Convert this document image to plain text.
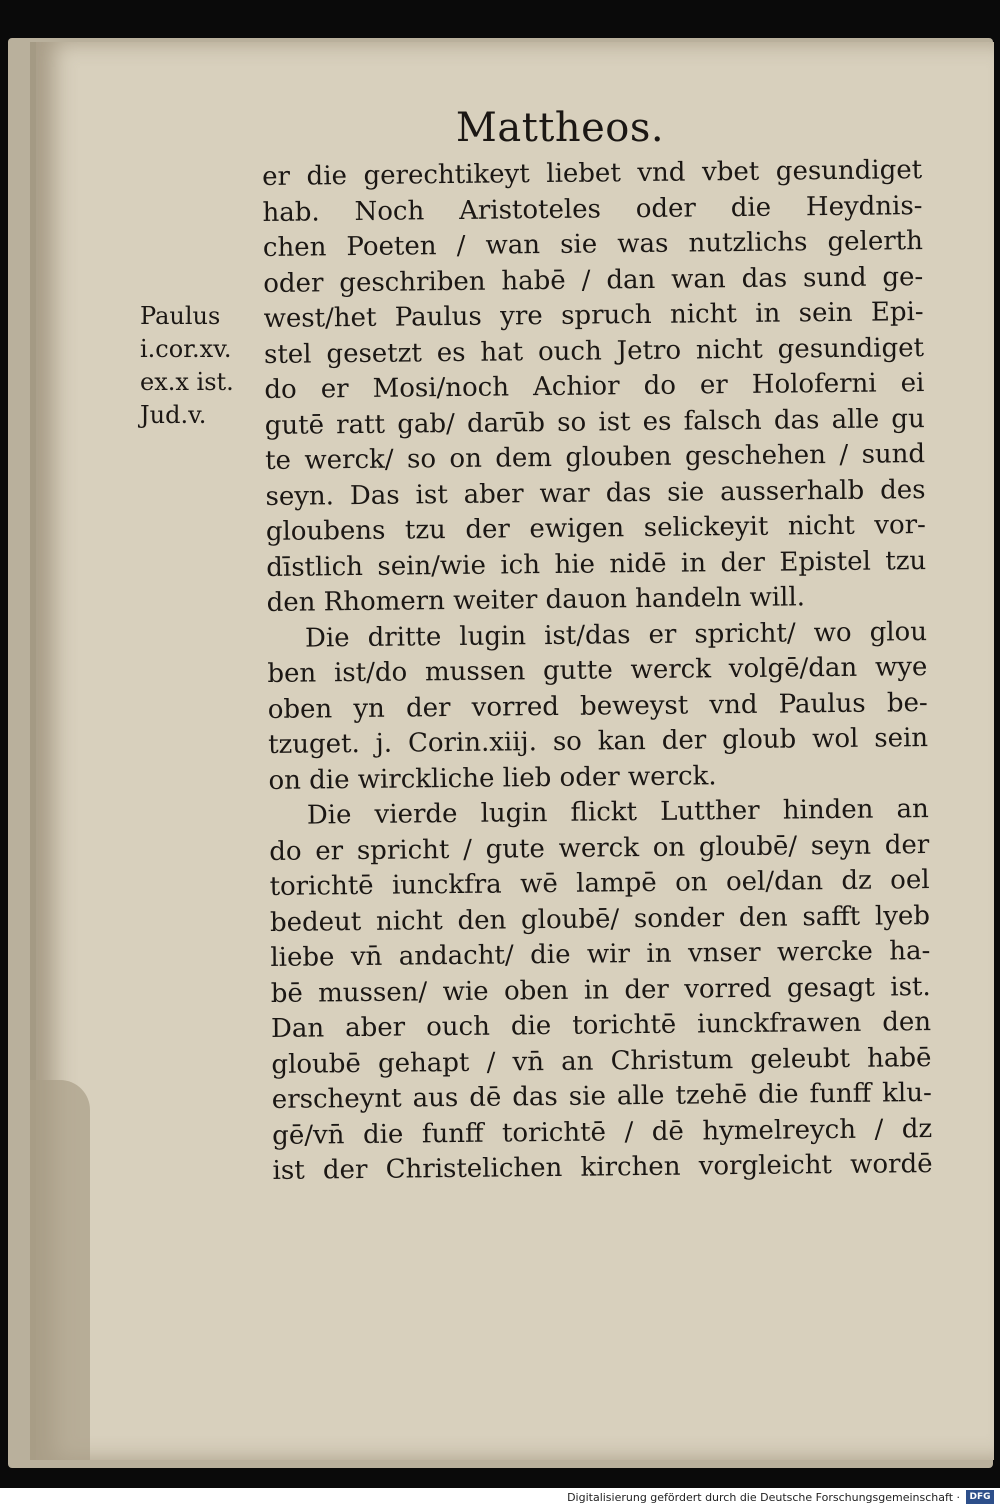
Mattheos.
Paulus
i.cor.xv.
ex.x ist.
Jud.v.
er die gerechtikeyt liebet vnd vbet gesundiget
hab. Noch Aristoteles oder die Heydnis-
chen Poeten / wan sie was nutzlichs gelerth
oder geschriben habē / dan wan das sund ge-
west/het Paulus yre spruch nicht in sein Epi-
stel gesetzt es hat ouch Jetro nicht gesundiget
do er Mosi/noch Achior do er Holoferni ei
gutē ratt gab/ darūb so ist es falsch das alle gu
te werck/ so on dem glouben geschehen / sund
seyn. Das ist aber war das sie ausserhalb des
gloubens tzu der ewigen selickeyit nicht vor-
dīstlich sein/wie ich hie nidē in der Epistel tzu
den Rhomern weiter dauon handeln will.
Die dritte lugin ist/das er spricht/ wo glou
ben ist/do mussen gutte werck volgē/dan wye
oben yn der vorred beweyst vnd Paulus be-
tzuget. j. Corin.xiij. so kan der gloub wol sein
on die wirckliche lieb oder werck.
Die vierde lugin flickt Lutther hinden an
do er spricht / gute werck on gloubē/ seyn der
torichtē iunckfra wē lampē on oel/dan dz oel
bedeut nicht den gloubē/ sonder den safft lyeb
liebe vn̄ andacht/ die wir in vnser wercke ha-
bē mussen/ wie oben in der vorred gesagt ist.
Dan aber ouch die torichtē iunckfrawen den
gloubē gehapt / vn̄ an Christum geleubt habē
erscheynt aus dē das sie alle tzehē die funff klu-
gē/vn̄ die funff torichtē / dē hymelreych / dz
ist der Christelichen kirchen vorgleicht wordē
Digitalisierung gefördert durch die Deutsche Forschungsgemeinschaft ·	DFG
